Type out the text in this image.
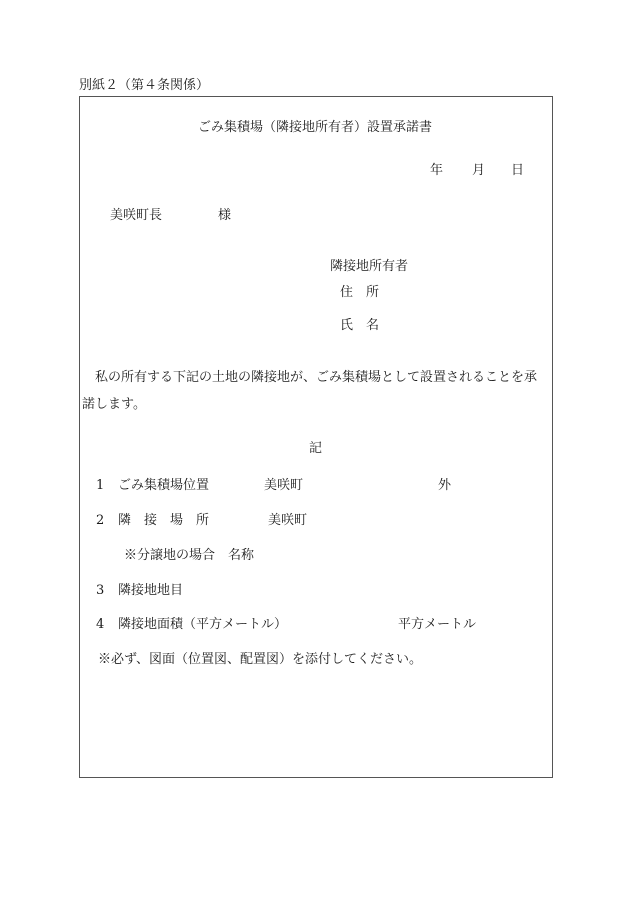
別紙２（第４条関係）
ごみ集積場（隣接地所有者）設置承諾書
年 月 日
美咲町長	様
隣接地所有者
住　所
氏　名
　私の所有する下記の土地の隣接地が、ごみ集積場として設置されることを承
諾します。
記
1 ごみ集積場位置	美咲町	外
2 隣　接　場　所	美咲町
※分譲地の場合　名称
3 隣接地地目
4 隣接地面積（平方メートル）	平方メートル
※必ず、図面（位置図、配置図）を添付してください。
